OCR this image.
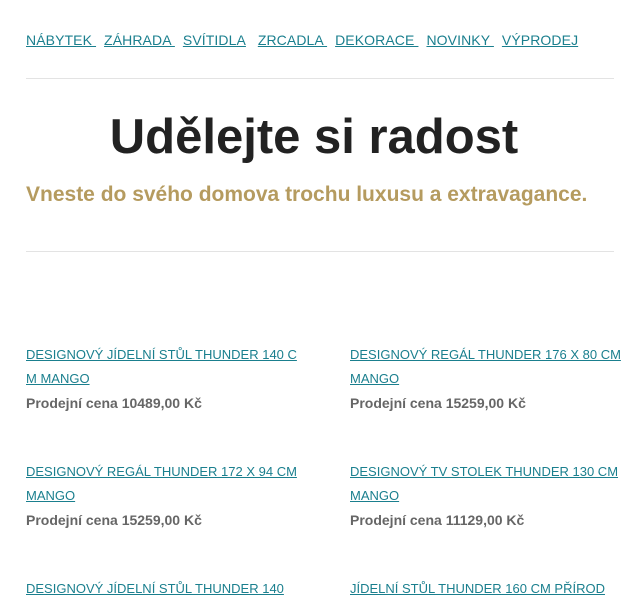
NÁBYTEK ZÁHRADA SVÍTIDLA ZRCADLA DEKORACE NOVINKY VÝPRODEJ
Udělejte si radost

Vneste do svého domova trochu luxusu a extravagance.

DESIGNOVÝ JÍDELNÍ STŮL THUNDER 140 CM MANGO
Prodejní cena 10489,00 Kč
DESIGNOVÝ REGÁL THUNDER 176 X 80 CM MANGO
Prodejní cena 15259,00 Kč
DESIGNOVÝ REGÁL THUNDER 172 X 94 CM MANGO
Prodejní cena 15259,00 Kč
DESIGNOVÝ TV STOLEK THUNDER 130 CM MANGO
Prodejní cena 11129,00 Kč
DESIGNOVÝ JÍDELNÍ STŮL THUNDER 140	JÍDELNÍ STŮL THUNDER 160 CM PŘÍROD
